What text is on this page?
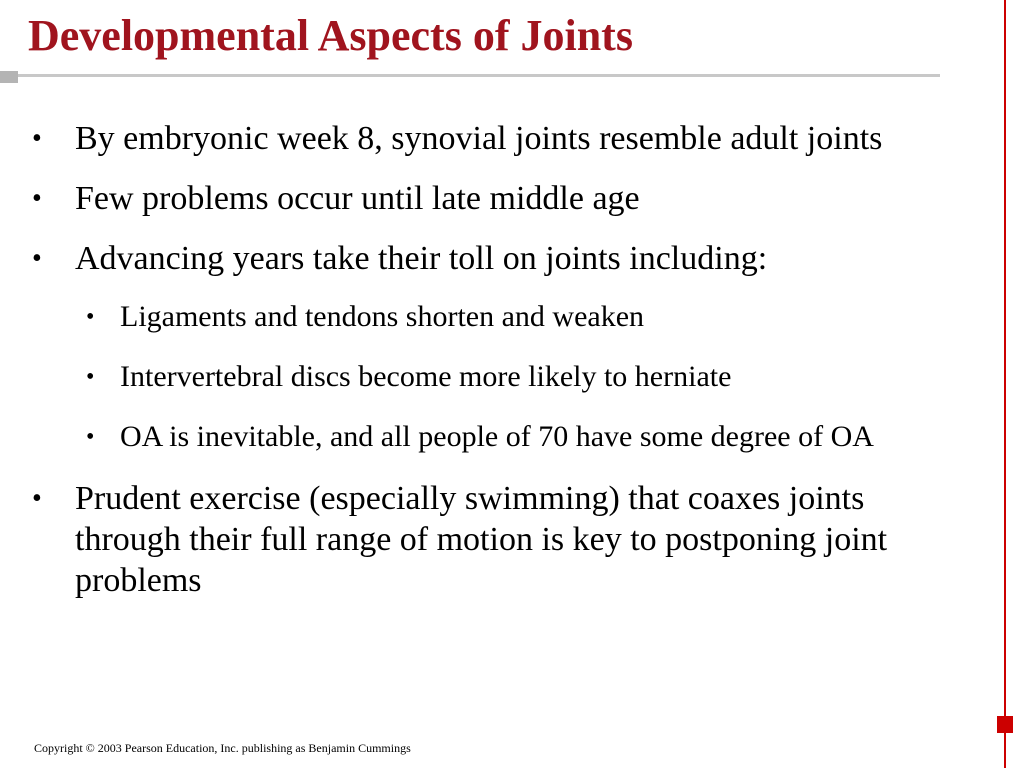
Developmental Aspects of Joints
• By embryonic week 8, synovial joints resemble adult joints
• Few problems occur until late middle age
• Advancing years take their toll on joints including:
• Ligaments and tendons shorten and weaken
• Intervertebral discs become more likely to herniate
• OA is inevitable, and all people of 70 have some degree of OA
• Prudent exercise (especially swimming) that coaxes joints through their full range of motion is key to postponing joint problems
Copyright © 2003 Pearson Education, Inc. publishing as Benjamin Cummings
